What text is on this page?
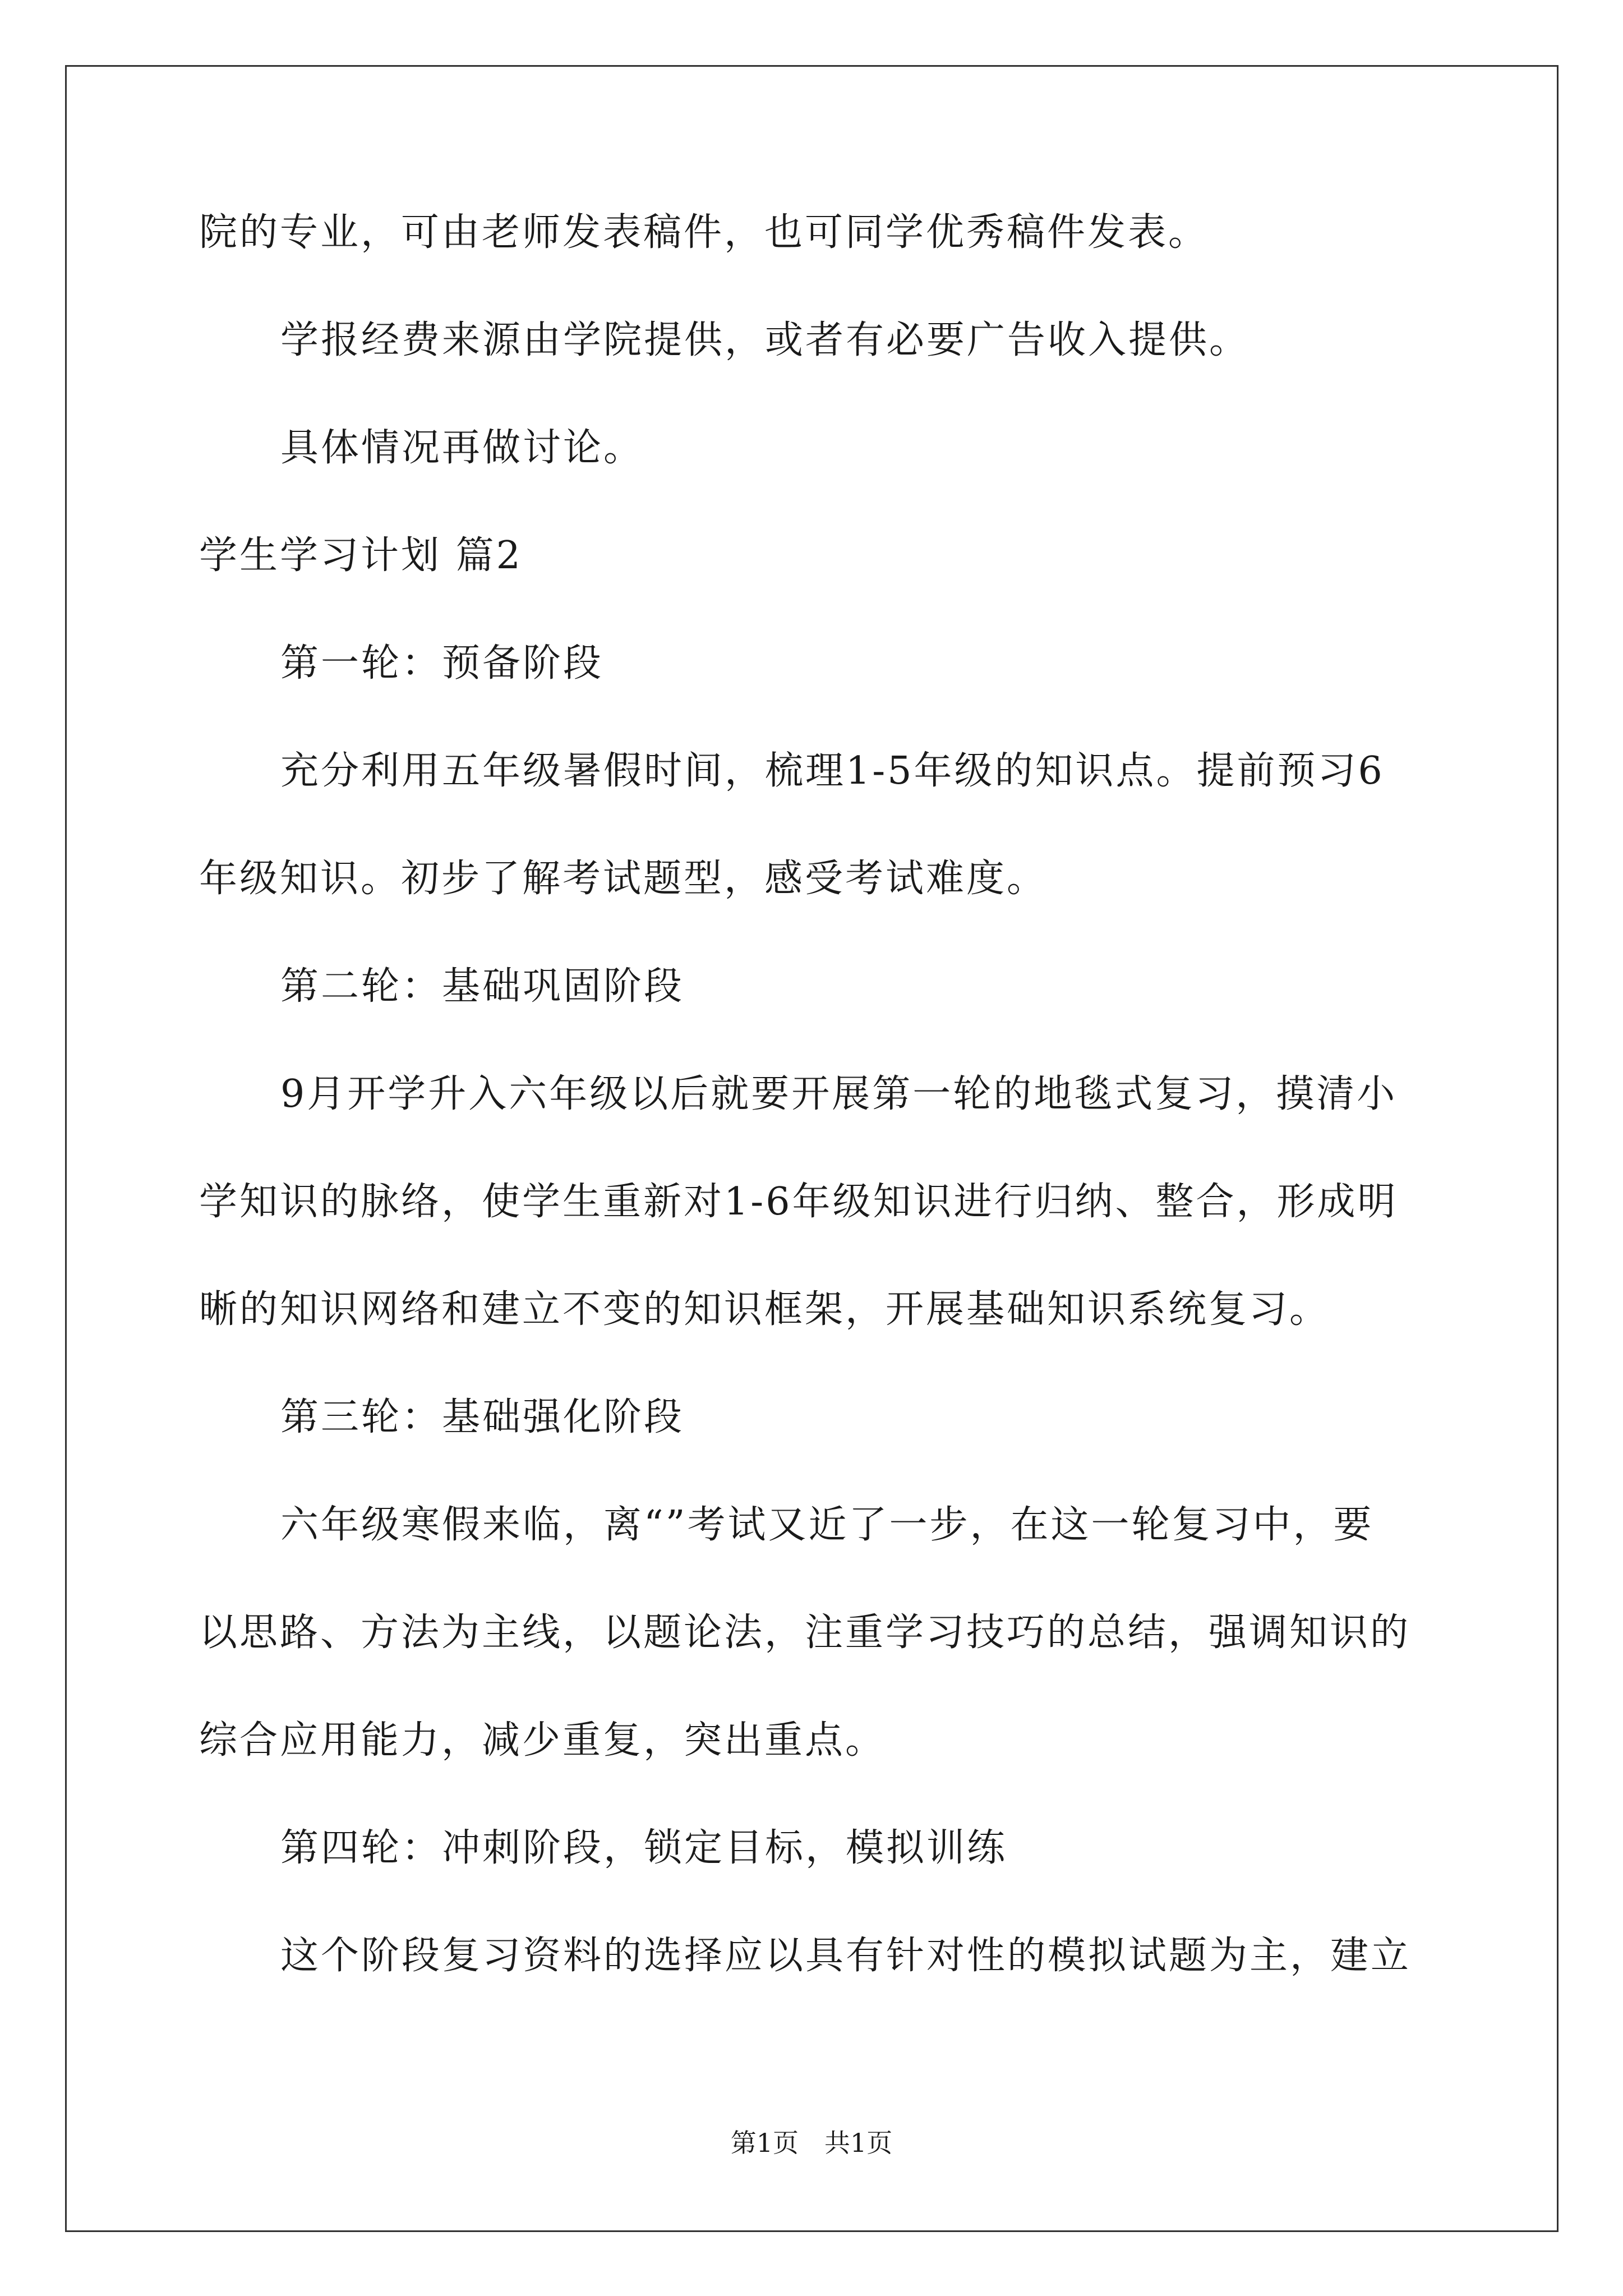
院的专业，可由老师发表稿件，也可同学优秀稿件发表。
学报经费来源由学院提供，或者有必要广告收入提供。
具体情况再做讨论。
学生学习计划 篇2
第一轮：预备阶段
充分利用五年级暑假时间，梳理1-5年级的知识点。提前预习6
年级知识。初步了解考试题型，感受考试难度。
第二轮：基础巩固阶段
9月开学升入六年级以后就要开展第一轮的地毯式复习，摸清小
学知识的脉络，使学生重新对1-6年级知识进行归纳、整合，形成明
晰的知识网络和建立不变的知识框架，开展基础知识系统复习。
第三轮：基础强化阶段
六年级寒假来临，离“”考试又近了一步，在这一轮复习中，要
以思路、方法为主线，以题论法，注重学习技巧的总结，强调知识的
综合应用能力，减少重复，突出重点。
第四轮：冲刺阶段，锁定目标，模拟训练
这个阶段复习资料的选择应以具有针对性的模拟试题为主，建立
第1页　共1页
